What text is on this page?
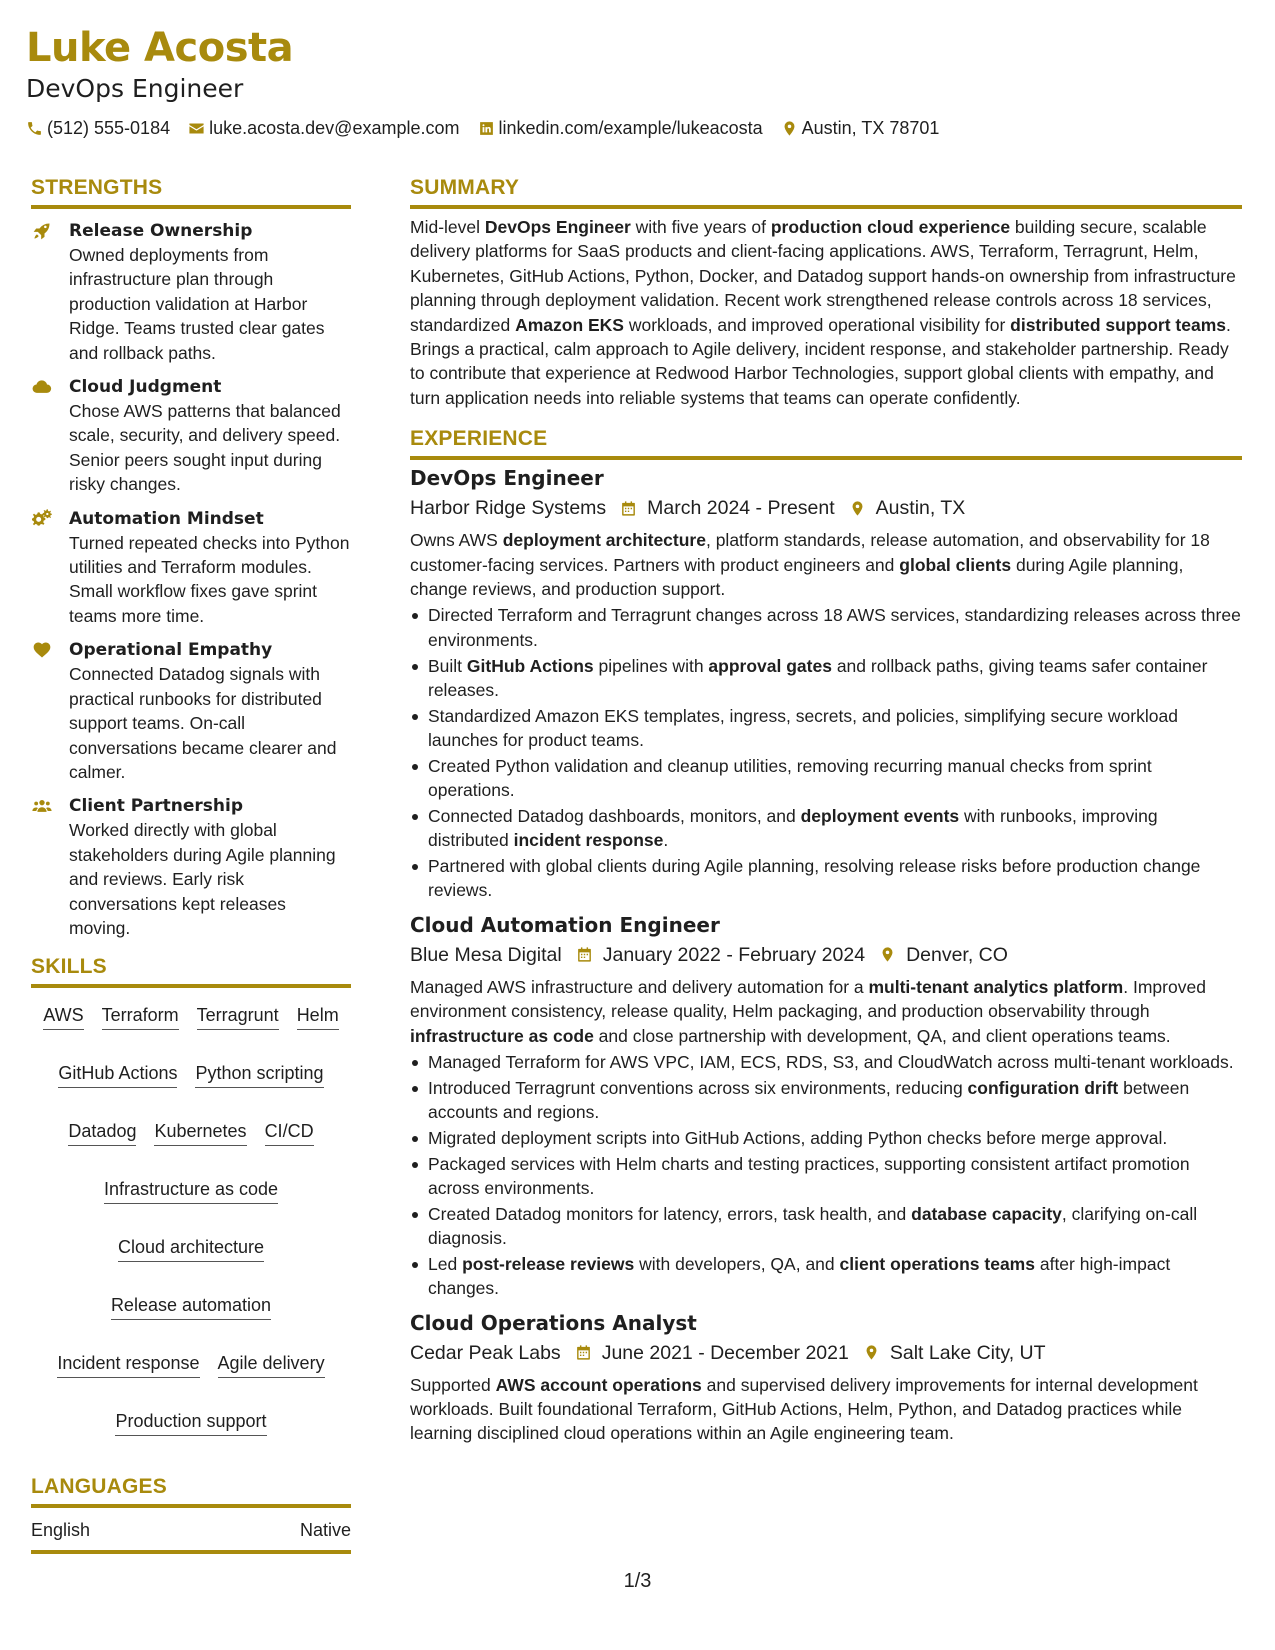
Luke Acosta
DevOps Engineer
(512) 555-0184 luke.acosta.dev@example.com linkedin.com/example/lukeacosta Austin, TX 78701
STRENGTHS
Release Ownership
Owned deployments from infrastructure plan through production validation at Harbor Ridge. Teams trusted clear gates and rollback paths.
Cloud Judgment
Chose AWS patterns that balanced scale, security, and delivery speed. Senior peers sought input during risky changes.
Automation Mindset
Turned repeated checks into Python utilities and Terraform modules. Small workflow fixes gave sprint teams more time.
Operational Empathy
Connected Datadog signals with practical runbooks for distributed support teams. On-call conversations became clearer and calmer.
Client Partnership
Worked directly with global stakeholders during Agile planning and reviews. Early risk conversations kept releases moving.
SKILLS
AWS Terraform Terragrunt Helm
GitHub Actions Python scripting
Datadog Kubernetes CI/CD
Infrastructure as code
Cloud architecture
Release automation
Incident response Agile delivery
Production support
LANGUAGES
English	Native
SUMMARY
Mid-level DevOps Engineer with five years of production cloud experience building secure, scalable delivery platforms for SaaS products and client-facing applications. AWS, Terraform, Terragrunt, Helm, Kubernetes, GitHub Actions, Python, Docker, and Datadog support hands-on ownership from infrastructure planning through deployment validation. Recent work strengthened release controls across 18 services, standardized Amazon EKS workloads, and improved operational visibility for distributed support teams. Brings a practical, calm approach to Agile delivery, incident response, and stakeholder partnership. Ready to contribute that experience at Redwood Harbor Technologies, support global clients with empathy, and turn application needs into reliable systems that teams can operate confidently.
EXPERIENCE
DevOps Engineer
Harbor Ridge Systems March 2024 - Present Austin, TX
Owns AWS deployment architecture, platform standards, release automation, and observability for 18 customer-facing services. Partners with product engineers and global clients during Agile planning, change reviews, and production support.
Directed Terraform and Terragrunt changes across 18 AWS services, standardizing releases across three environments.
Built GitHub Actions pipelines with approval gates and rollback paths, giving teams safer container releases.
Standardized Amazon EKS templates, ingress, secrets, and policies, simplifying secure workload launches for product teams.
Created Python validation and cleanup utilities, removing recurring manual checks from sprint operations.
Connected Datadog dashboards, monitors, and deployment events with runbooks, improving distributed incident response.
Partnered with global clients during Agile planning, resolving release risks before production change reviews.
Cloud Automation Engineer
Blue Mesa Digital January 2022 - February 2024 Denver, CO
Managed AWS infrastructure and delivery automation for a multi-tenant analytics platform. Improved environment consistency, release quality, Helm packaging, and production observability through infrastructure as code and close partnership with development, QA, and client operations teams.
Managed Terraform for AWS VPC, IAM, ECS, RDS, S3, and CloudWatch across multi-tenant workloads.
Introduced Terragrunt conventions across six environments, reducing configuration drift between accounts and regions.
Migrated deployment scripts into GitHub Actions, adding Python checks before merge approval.
Packaged services with Helm charts and testing practices, supporting consistent artifact promotion across environments.
Created Datadog monitors for latency, errors, task health, and database capacity, clarifying on-call diagnosis.
Led post-release reviews with developers, QA, and client operations teams after high-impact changes.
Cloud Operations Analyst
Cedar Peak Labs June 2021 - December 2021 Salt Lake City, UT
Supported AWS account operations and supervised delivery improvements for internal development workloads. Built foundational Terraform, GitHub Actions, Helm, Python, and Datadog practices while learning disciplined cloud operations within an Agile engineering team.
1/3
